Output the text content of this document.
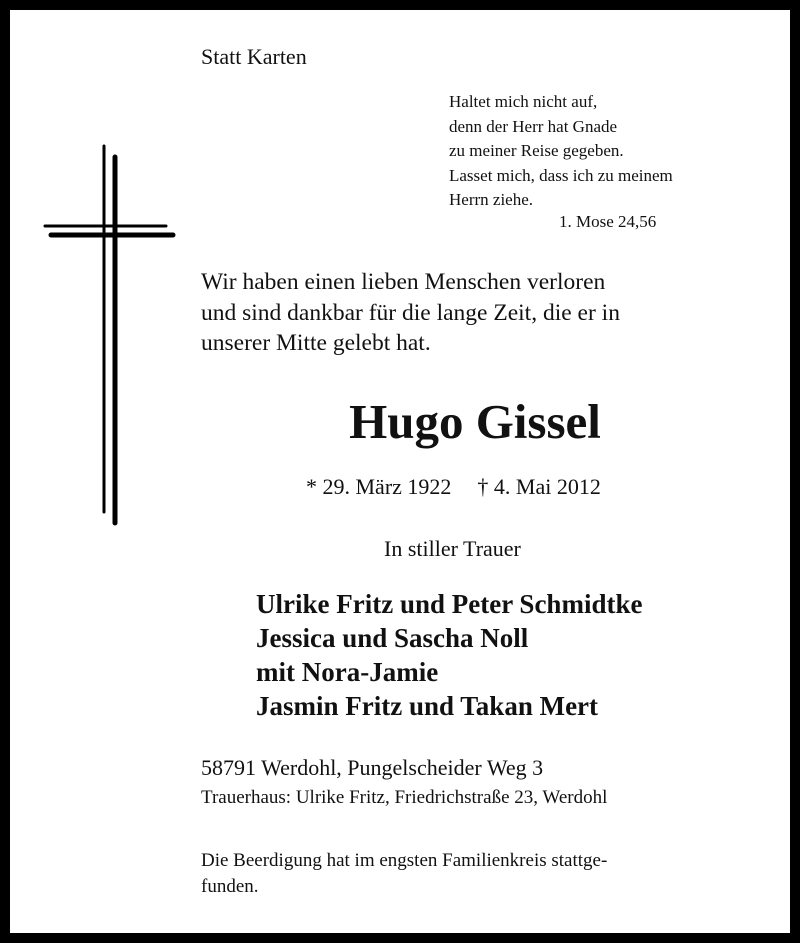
Statt Karten
Haltet mich nicht auf,
denn der Herr hat Gnade
zu meiner Reise gegeben.
Lasset mich, dass ich zu meinem
Herrn ziehe.
1. Mose 24,56
Wir haben einen lieben Menschen verloren
und sind dankbar für die lange Zeit, die er in
unserer Mitte gelebt hat.
Hugo Gissel
* 29. März 1922 † 4. Mai 2012
In stiller Trauer
Ulrike Fritz und Peter Schmidtke
Jessica und Sascha Noll
mit Nora-Jamie
Jasmin Fritz und Takan Mert
58791 Werdohl, Pungelscheider Weg 3
Trauerhaus: Ulrike Fritz, Friedrichstraße 23, Werdohl
Die Beerdigung hat im engsten Familienkreis stattge-
funden.
